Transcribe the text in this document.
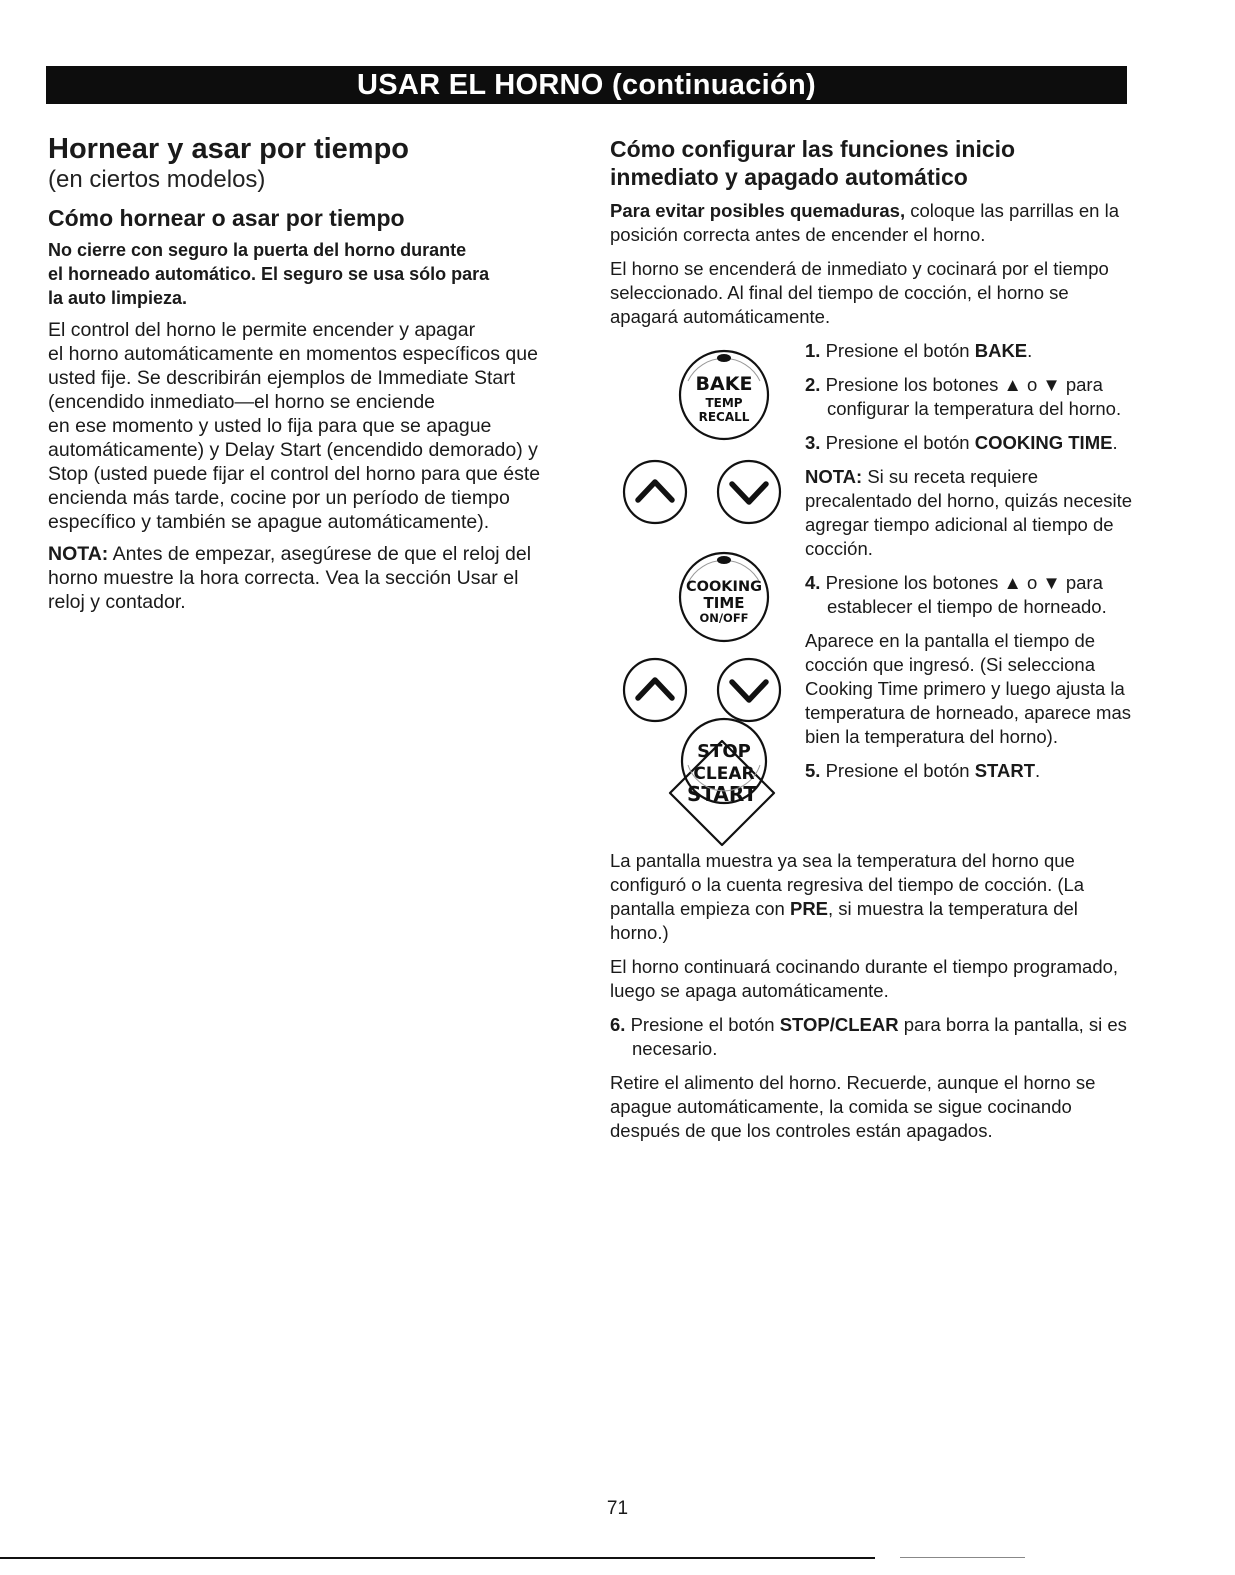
USAR EL HORNO (continuación)

Hornear y asar por tiempo

(en ciertos modelos)

Cómo hornear o asar por tiempo

No cierre con seguro la puerta del horno durante
el horneado automático. El seguro se usa sólo para
la auto limpieza.

El control del horno le permite encender y apagar
el horno automáticamente en momentos específicos que
usted fije. Se describirán ejemplos de Immediate Start
(encendido inmediato—el horno se enciende
en ese momento y usted lo fija para que se apague
automáticamente) y Delay Start (encendido demorado) y
Stop (usted puede fijar el control del horno para que éste
encienda más tarde, cocine por un período de tiempo
específico y también se apague automáticamente).

NOTA: Antes de empezar, asegúrese de que el reloj del
horno muestre la hora correcta. Vea la sección Usar el
reloj y contador.

Cómo configurar las funciones inicio
inmediato y apagado automático

Para evitar posibles quemaduras, coloque las parrillas en la posición correcta antes de encender el horno.

El horno se encenderá de inmediato y cocinará por el tiempo seleccionado. Al final del tiempo de cocción, el horno se apagará automáticamente.

BAKE
TEMP
RECALL
COOKING
TIME
ON/OFF
START

1. Presione el botón BAKE.

2. Presione los botones ▲ o ▼ para configurar la temperatura del horno.

3. Presione el botón COOKING TIME.

NOTA: Si su receta requiere precalentado del horno, quizás necesite agregar tiempo adicional al tiempo de cocción.

4. Presione los botones ▲ o ▼ para establecer el tiempo de horneado.

Aparece en la pantalla el tiempo de cocción que ingresó. (Si selecciona Cooking Time primero y luego ajusta la temperatura de horneado, aparece mas bien la temperatura del horno).

5. Presione el botón START.

STOP
CLEAR

La pantalla muestra ya sea la temperatura del horno que configuró o la cuenta regresiva del tiempo de cocción. (La pantalla empieza con PRE, si muestra la temperatura del horno.)

El horno continuará cocinando durante el tiempo programado, luego se apaga automáticamente.

6. Presione el botón STOP/CLEAR para borra la pantalla, si es necesario.

Retire el alimento del horno. Recuerde, aunque el horno se apague automáticamente, la comida se sigue cocinando después de que los controles están apagados.

71
